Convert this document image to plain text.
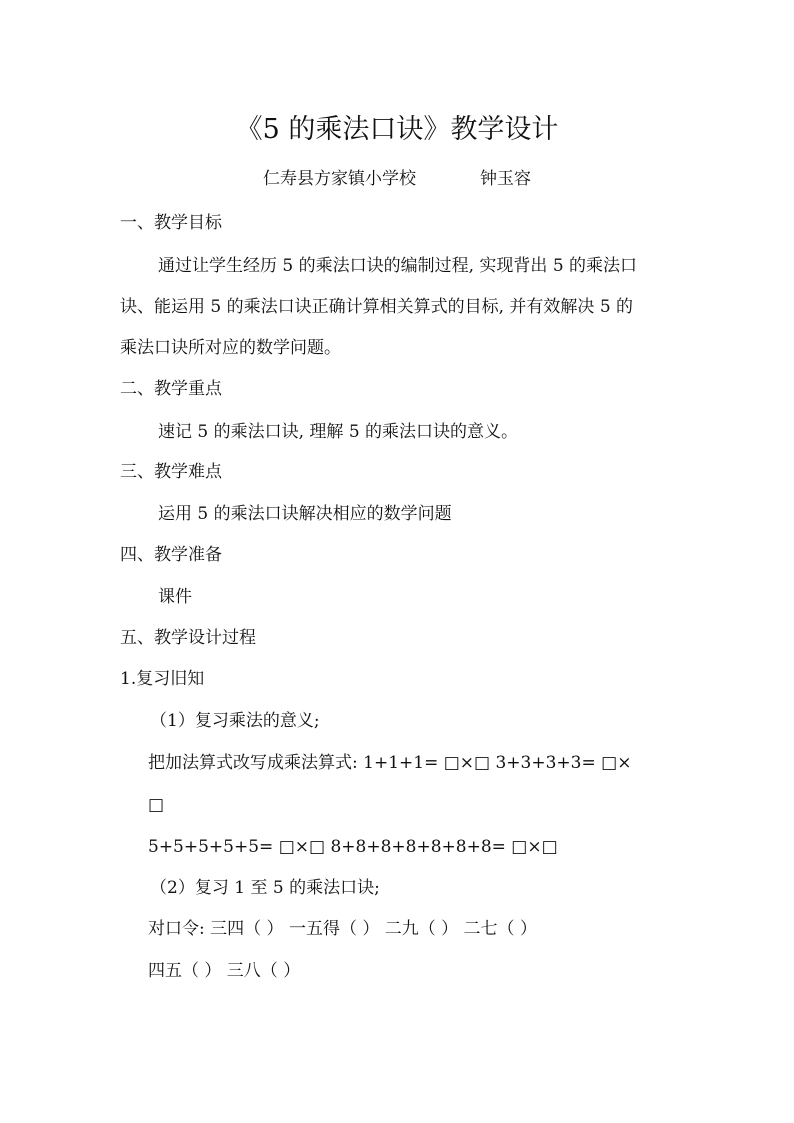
《5 的乘法口诀》教学设计
仁寿县方家镇小学校	钟玉容
一、教学目标
通过让学生经历 5 的乘法口诀的编制过程, 实现背出 5 的乘法口
诀、能运用 5 的乘法口诀正确计算相关算式的目标, 并有效解决 5 的
乘法口诀所对应的数学问题。
二、教学重点
速记 5 的乘法口诀, 理解 5 的乘法口诀的意义。
三、教学难点
运用 5 的乘法口诀解决相应的数学问题
四、教学准备
课件
五、教学设计过程
1.复习旧知
（1）复习乘法的意义;
把加法算式改写成乘法算式: 1+1+1= □×□ 3+3+3+3= □×
□
5+5+5+5+5= □×□ 8+8+8+8+8+8+8= □×□
（2）复习 1 至 5 的乘法口诀;
对口令: 三四（ ） 一五得（ ） 二九（ ） 二七（ ）
四五（ ） 三八（ ）
